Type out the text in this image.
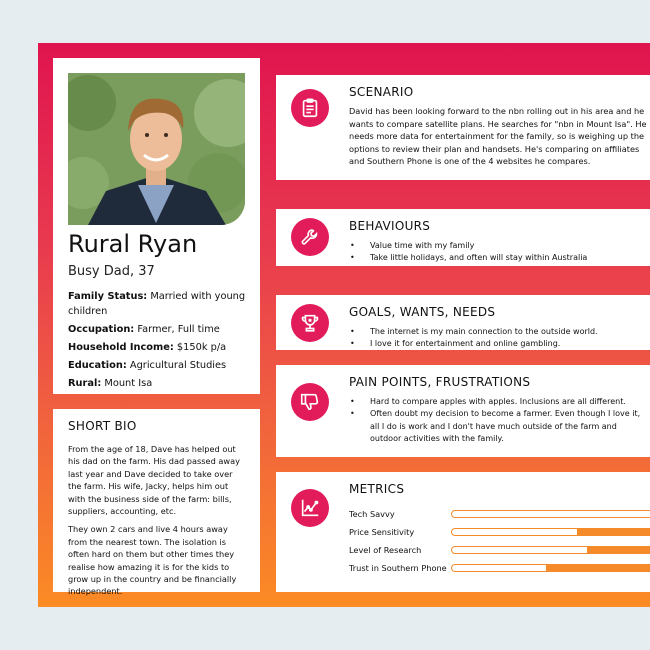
Rural Ryan
Busy Dad, 37
Family Status: Married with young children
Occupation: Farmer, Full time
Household Income: $150k p/a
Education: Agricultural Studies
Rural: Mount Isa
SHORT BIO

From the age of 18, Dave has helped out his dad on the farm. His dad passed away last year and Dave decided to take over the farm. His wife, Jacky, helps him out with the business side of the farm: bills, suppliers, accounting, etc.

They own 2 cars and live 4 hours away from the nearest town. The isolation is often hard on them but other times they realise how amazing it is for the kids to grow up in the country and be financially independent.

SCENARIO
David has been looking forward to the nbn rolling out in his area and he wants to compare satellite plans. He searches for "nbn in Mount Isa". He needs more data for entertainment for the family, so is weighing up the options to review their plan and handsets. He's comparing on affiliates and Southern Phone is one of the 4 websites he compares.
BEHAVIOURS
• Value time with my family
• Take little holidays, and often will stay within Australia
GOALS, WANTS, NEEDS
• The internet is my main connection to the outside world.
• I love it for entertainment and online gambling.
PAIN POINTS, FRUSTRATIONS
• Hard to compare apples with apples. Inclusions are all different.
• Often doubt my decision to become a farmer. Even though I love it, all I do is work and I don't have much outside of the farm and outdoor activities with the family.
METRICS
Tech Savvy
Price Sensitivity
Level of Research
Trust in Southern Phone
